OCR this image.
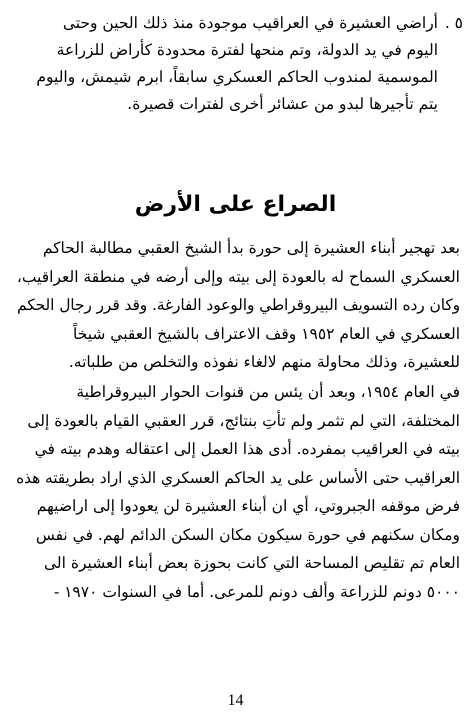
٥ .
أراضي العشيرة في العراقيب موجودة منذ ذلك الحين وحتى
اليوم في يد الدولة، وتم منحها لفترة محدودة كأراض للزراعة
الموسمية لمندوب الحاكم العسكري سابقاً، ابرم شيمش، واليوم
يتم تأجيرها لبدو من عشائر أخرى لفترات قصيرة.
الصراع على الأرض
بعد تهجير أبناء العشيرة إلى حورة بدأ الشيخ العقبي مطالبة الحاكم
العسكري السماح له بالعودة إلى بيته وإلى أرضه في منطقة العراقيب،
وكان رده التسويف البيروقراطي والوعود الفارغة. وقد قرر رجال الحكم
العسكري في العام ١٩٥٢ وقف الاعتراف بالشيخ العقبي شيخاً
للعشيرة، وذلك محاولة منهم لالغاء نفوذه والتخلص من طلباته.
في العام ١٩٥٤، وبعد أن يئس من قنوات الحوار البيروقراطية
المختلفة، التي لم تثمر ولم تأتِ بنتائج، قرر العقبي القيام بالعودة إلى
بيته في العراقيب بمفرده. أدى هذا العمل إلى اعتقاله وهدم بيته في
العراقيب حتى الأساس على يد الحاكم العسكري الذي اراد بطريقته هذه
فرض موقفه الجبروتي، أي ان أبناء العشيرة لن يعودوا إلى اراضيهم
ومكان سكنهم في حورة سيكون مكان السكن الدائم لهم. في نفس
العام تم تقليص المساحة التي كانت بحوزة بعض أبناء العشيرة الى
٥٠٠٠ دونم للزراعة وألف دونم للمرعى. أما في السنوات ١٩٧٠ -
14
